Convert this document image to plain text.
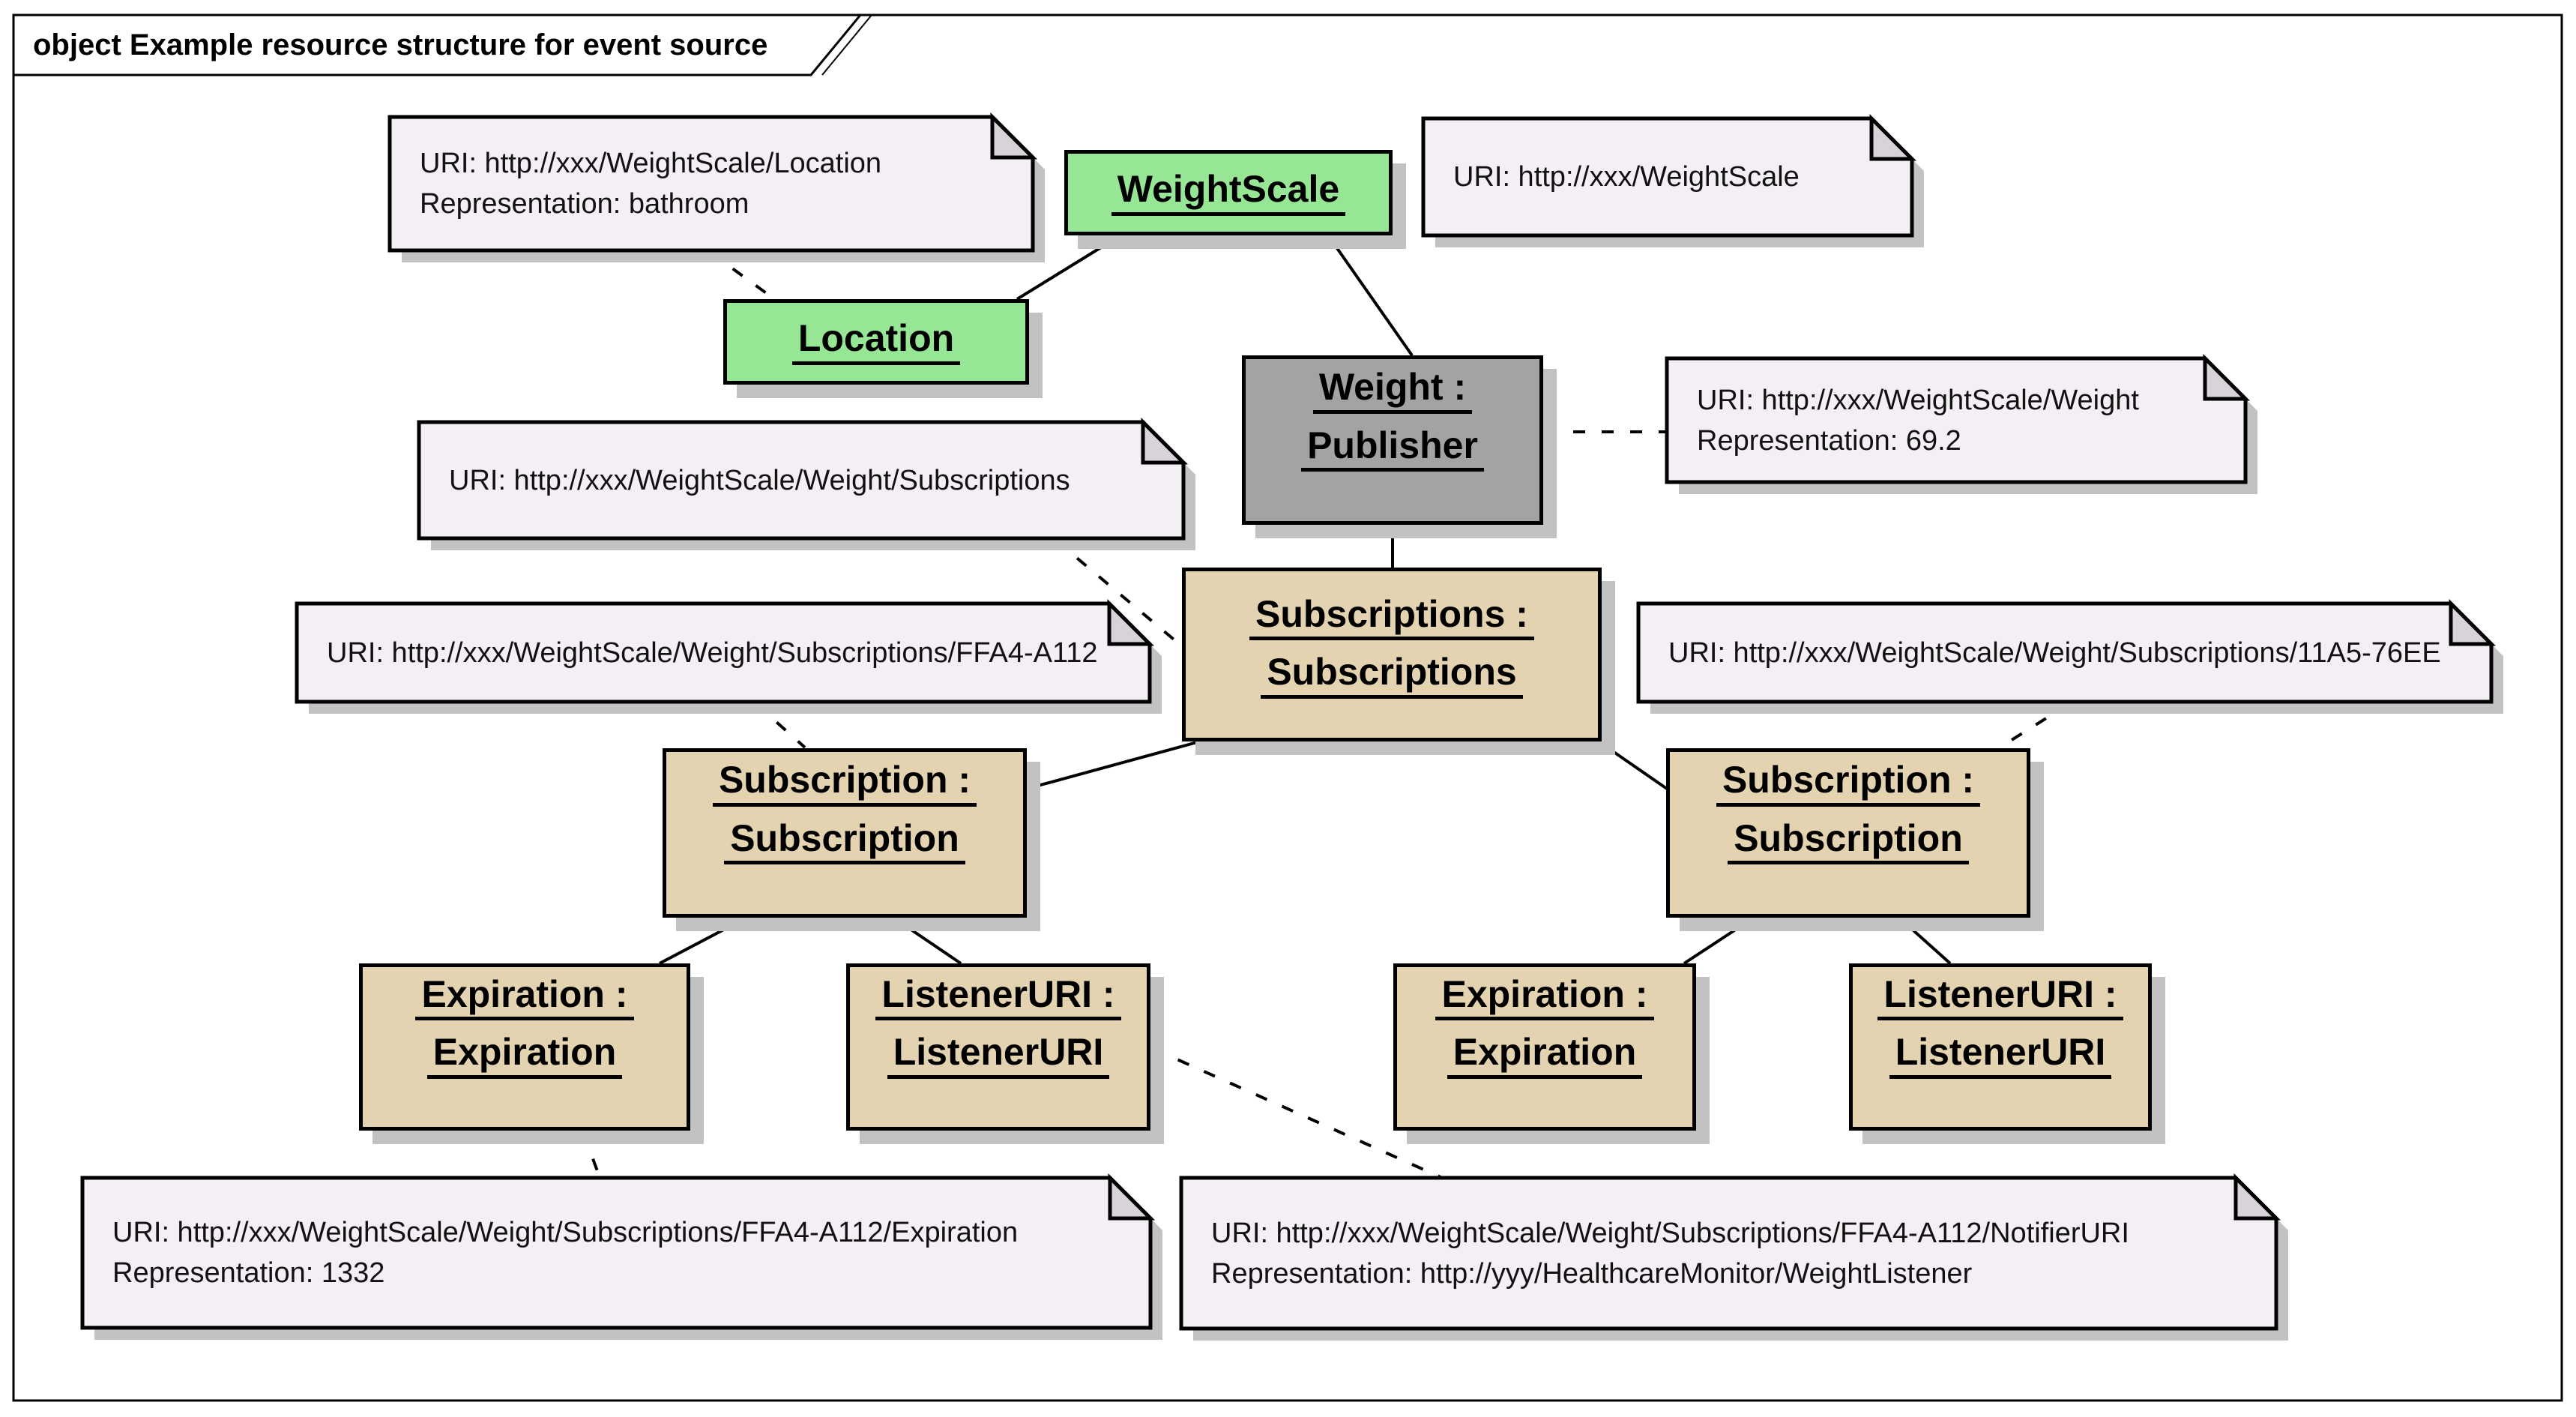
object Example resource structure for event source
WeightScale
Location
Weight :
Publisher
Subscriptions :
Subscriptions
Subscription :
Subscription
Subscription :
Subscription
Expiration :
Expiration
ListenerURI :
ListenerURI
Expiration :
Expiration
ListenerURI :
ListenerURI
URI: http://xxx/WeightScale/Location
Representation: bathroom
URI: http://xxx/WeightScale
URI: http://xxx/WeightScale/Weight
Representation: 69.2
URI: http://xxx/WeightScale/Weight/Subscriptions
URI: http://xxx/WeightScale/Weight/Subscriptions/FFA4-A112	URI: http://xxx/WeightScale/Weight/Subscriptions/11A5-76EE
URI: http://xxx/WeightScale/Weight/Subscriptions/FFA4-A112/Expiration
Representation: 1332
URI: http://xxx/WeightScale/Weight/Subscriptions/FFA4-A112/NotifierURI
Representation: http://yyy/HealthcareMonitor/WeightListener
